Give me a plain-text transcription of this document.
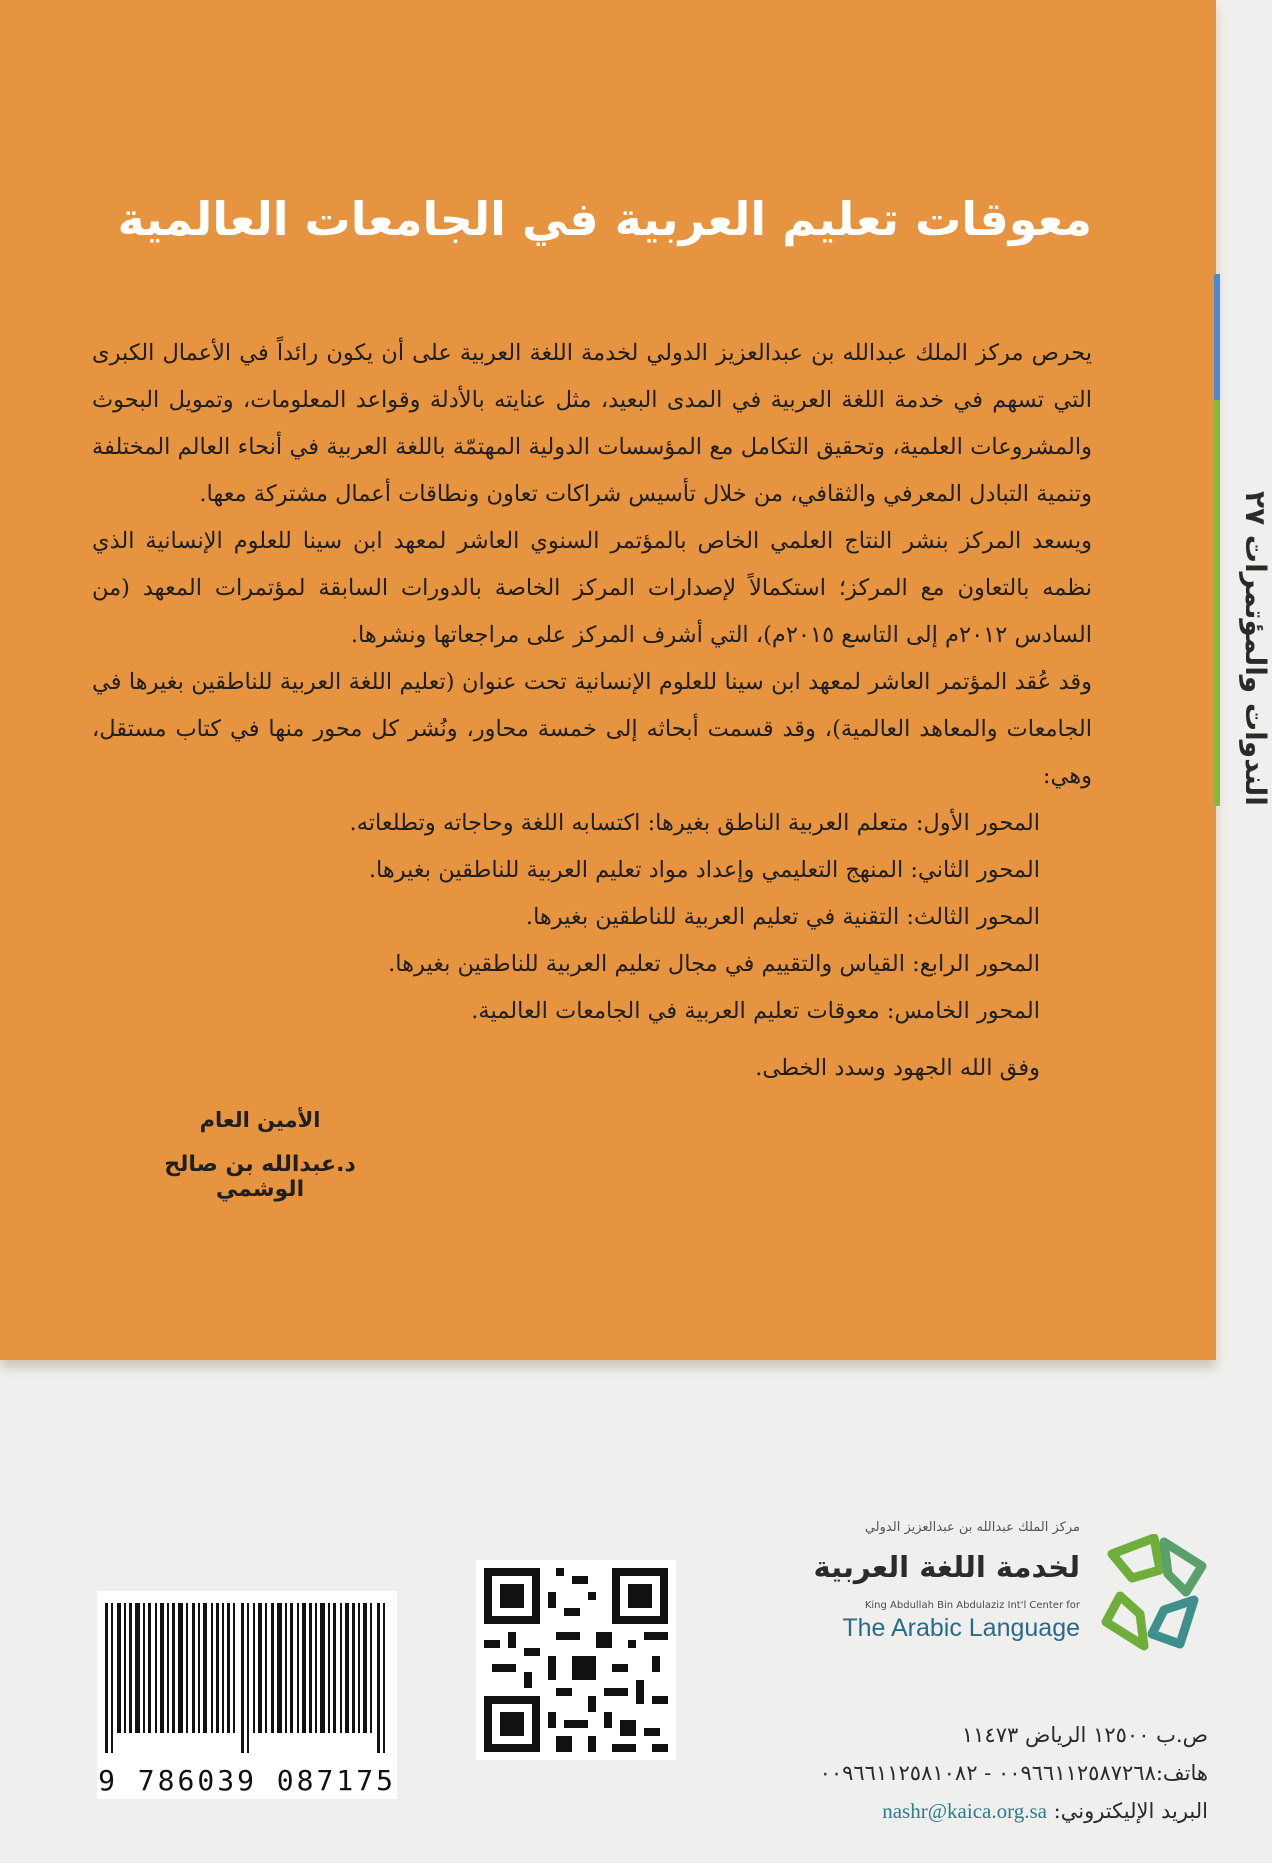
معوقات تعليم العربية في الجامعات العالمية

يحرص مركز الملك عبدالله بن عبدالعزيز الدولي لخدمة اللغة العربية على أن يكون رائداً في الأعمال الكبرى التي تسهم في خدمة اللغة العربية في المدى البعيد، مثل عنايته بالأدلة وقواعد المعلومات، وتمويل البحوث والمشروعات العلمية، وتحقيق التكامل مع المؤسسات الدولية المهتمّة باللغة العربية في أنحاء العالم المختلفة وتنمية التبادل المعرفي والثقافي، من خلال تأسيس شراكات تعاون ونطاقات أعمال مشتركة معها.

ويسعد المركز بنشر النتاج العلمي الخاص بالمؤتمر السنوي العاشر لمعهد ابن سينا للعلوم الإنسانية الذي نظمه بالتعاون مع المركز؛ استكمالاً لإصدارات المركز الخاصة بالدورات السابقة لمؤتمرات المعهد (من السادس ٢٠١٢م إلى التاسع ٢٠١٥م)، التي أشرف المركز على مراجعاتها ونشرها.

وقد عُقد المؤتمر العاشر لمعهد ابن سينا للعلوم الإنسانية تحت عنوان (تعليم اللغة العربية للناطقين بغيرها في الجامعات والمعاهد العالمية)، وقد قسمت أبحاثه إلى خمسة محاور، ونُشر كل محور منها في كتاب مستقل، وهي:

المحور الأول: متعلم العربية الناطق بغيرها: اكتسابه اللغة وحاجاته وتطلعاته.

المحور الثاني: المنهج التعليمي وإعداد مواد تعليم العربية للناطقين بغيرها.

المحور الثالث: التقنية في تعليم العربية للناطقين بغيرها.

المحور الرابع: القياس والتقييم في مجال تعليم العربية للناطقين بغيرها.

المحور الخامس: معوقات تعليم العربية في الجامعات العالمية.

وفق الله الجهود وسدد الخطى.

الأمين العام
د.عبدالله بن صالح الوشمي
الندوات والمؤتمرات ٢٧
9 786039 087175
مركز الملك عبدالله بن عبدالعزيز الدولي
لخدمة اللغة العربية
King Abdullah Bin Abdulaziz Int'l Center for
The Arabic Language
ص.ب ١٢٥٠٠ الرياض ١١٤٧٣
هاتف:٠٠٩٦٦١١٢٥٨٧٢٦٨ - ٠٠٩٦٦١١٢٥٨١٠٨٢
البريد الإليكتروني: nashr@kaica.org.sa
